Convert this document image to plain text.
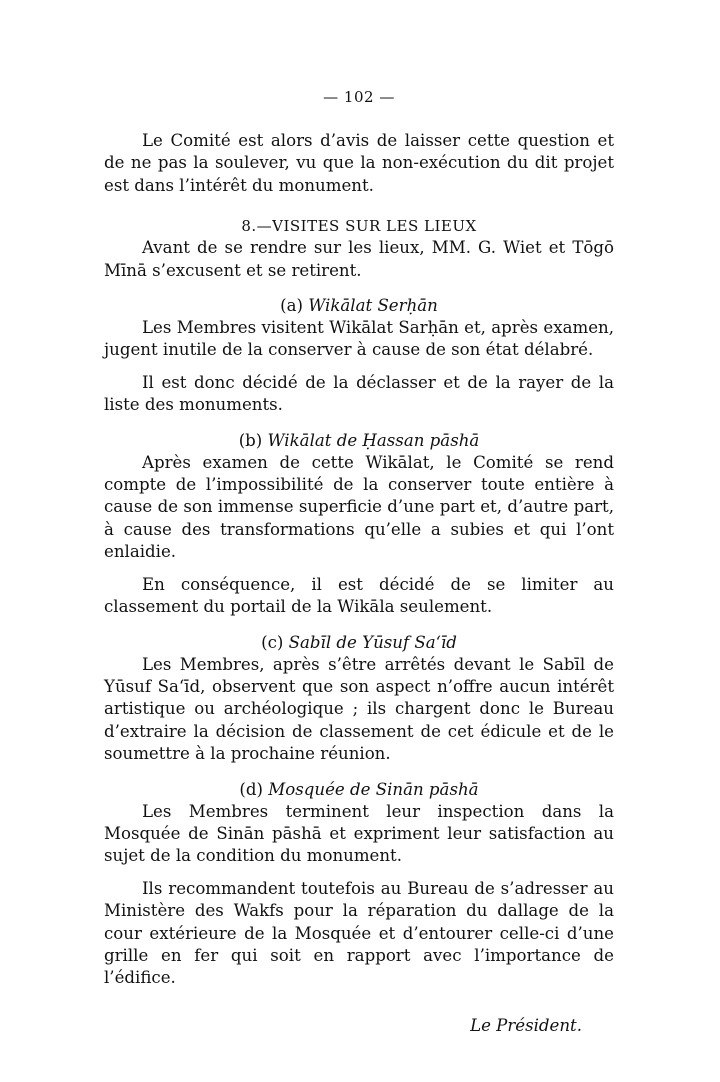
— 102 —

Le Comité est alors d’avis de laisser cette question et de ne pas la soulever, vu que la non-exécution du dit projet est dans l’intérêt du monument.

8.—VISITES SUR LES LIEUX

Avant de se rendre sur les lieux, MM. G. Wiet et Tōgō Mīnā s’excusent et se retirent.

(a) Wikālat Serḥān

Les Membres visitent Wikālat Sarḥān et, après examen, jugent inutile de la conserver à cause de son état délabré.

Il est donc décidé de la déclasser et de la rayer de la liste des monuments.

(b) Wikālat de Ḥassan pāshā

Après examen de cette Wikālat, le Comité se rend compte de l’impossibilité de la conserver toute entière à cause de son immense superficie d’une part et, d’autre part, à cause des transformations qu’elle a subies et qui l’ont enlaidie.

En conséquence, il est décidé de se limiter au classement du portail de la Wikāla seulement.

(c) Sabīl de Yūsuf Sa‘īd

Les Membres, après s’être arrêtés devant le Sabīl de Yūsuf Sa‘īd, observent que son aspect n’offre aucun intérêt artistique ou archéologique ; ils chargent donc le Bureau d’extraire la décision de classement de cet édicule et de le soumettre à la prochaine réunion.

(d) Mosquée de Sinān pāshā

Les Membres terminent leur inspection dans la Mosquée de Sinān pāshā et expriment leur satisfaction au sujet de la condition du monument.

Ils recommandent toutefois au Bureau de s’adresser au Ministère des Wakfs pour la réparation du dallage de la cour extérieure de la Mosquée et d’entourer celle-ci d’une grille en fer qui soit en rapport avec l’importance de l’édifice.

Le Président.
